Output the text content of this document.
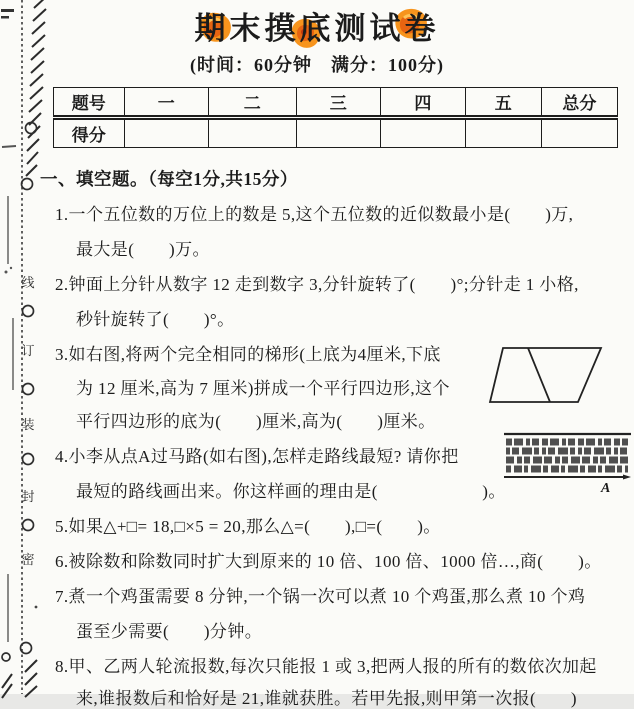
线
订
装
封
密
期末摸底测试卷
(时间：60分钟　满分：100分)
题号	一	二	三	四	五	总分
得分						
一、填空题。（每空1分,共15分）
1.一个五位数的万位上的数是 5,这个五位数的近似数最小是(　　)万,
最大是(　　)万。
2.钟面上分针从数字 12 走到数字 3,分针旋转了(　　)°;分针走 1 小格,
秒针旋转了(　　)°。
3.如右图,将两个完全相同的梯形(上底为4厘米,下底
为 12 厘米,高为 7 厘米)拼成一个平行四边形,这个
平行四边形的底为(　　)厘米,高为(　　)厘米。
4.小李从点A过马路(如右图),怎样走路线最短? 请你把
最短的路线画出来。你这样画的理由是(　　　　　　)。
5.如果△+□= 18,□×5 = 20,那么△=(　　),□=(　　)。
6.被除数和除数同时扩大到原来的 10 倍、100 倍、1000 倍…,商(　　)。
7.煮一个鸡蛋需要 8 分钟,一个锅一次可以煮 10 个鸡蛋,那么煮 10 个鸡
蛋至少需要(　　)分钟。
8.甲、乙两人轮流报数,每次只能报 1 或 3,把两人报的所有的数依次加起
来,谁报数后和恰好是 21,谁就获胜。若甲先报,则甲第一次报(　　)
A
